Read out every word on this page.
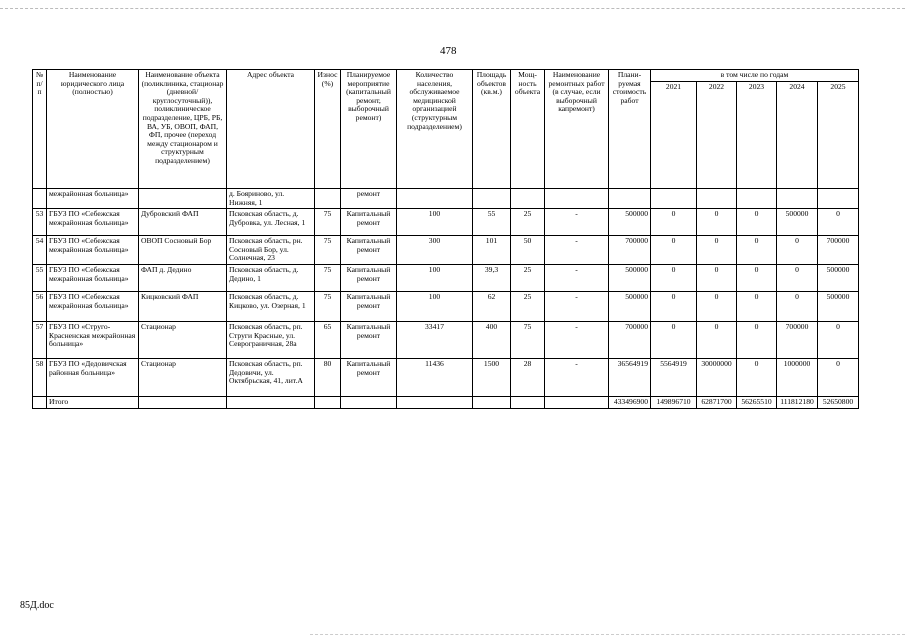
478
№ п/п	Наименование юридического лица (полностью)	Наименование объекта (поликлиника, стационар (дневной/ круглосуточный)), поликлиническое подразделение, ЦРБ, РБ, ВА, УБ, ОВОП, ФАП, ФП, прочее (переход между стационаром и структурным подразделением)	Адрес объекта	Износ (%)	Планируемое мероприятие (капитальный ремонт, выборочный ремонт)	Количество населения, обслуживаемое медицинской организацией (структурным подразделением)	Площадь объектов (кв.м.)	Мощ-ность объекта	Наименование ремонтных работ (в случае, если выборочный капремонт)	Плани-руемая стоимость работ	в том числе по годам				
											2021	2022	2023	2024	2025
	межрайонная больница»		д. Бояриново, ул. Нижняя, 1		ремонт										
53	ГБУЗ ПО «Себежская межрайонная больница»	Дубровский ФАП	Псковская область, д. Дубровка, ул. Лесная, 1	75	Капитальный ремонт	100	55	25	-	500000	0	0	0	500000	0
54	ГБУЗ ПО «Себежская межрайонная больница»	ОВОП Сосновый Бор	Псковская область, рн. Сосновый Бор, ул. Солнечная, 23	75	Капитальный ремонт	300	101	50	-	700000	0	0	0	0	700000
55	ГБУЗ ПО «Себежская межрайонная больница»	ФАП д. Дедино	Псковская область, д. Дедино, 1	75	Капитальный ремонт	100	39,3	25	-	500000	0	0	0	0	500000
56	ГБУЗ ПО «Себежская межрайонная больница»	Кицковский ФАП	Псковская область, д. Кицково, ул. Озерная, 1	75	Капитальный ремонт	100	62	25	-	500000	0	0	0	0	500000
57	ГБУЗ ПО «Струго-Красненская межрайонная больница»	Стационар	Псковская область, рп. Струги Красные, ул. Севрограничная, 28а	65	Капитальный ремонт	33417	400	75	-	700000	0	0	0	700000	0
58	ГБУЗ ПО «Дедовичская районная больница»	Стационар	Псковская область, рп. Дедовичи, ул. Октябрьская, 41, лит.А	80	Капитальный ремонт	11436	1500	28	-	36564919	5564919	30000000	0	1000000	0
	Итого									433496900	149896710	62871700	56265510	111812180	52650800
85Д.doc
